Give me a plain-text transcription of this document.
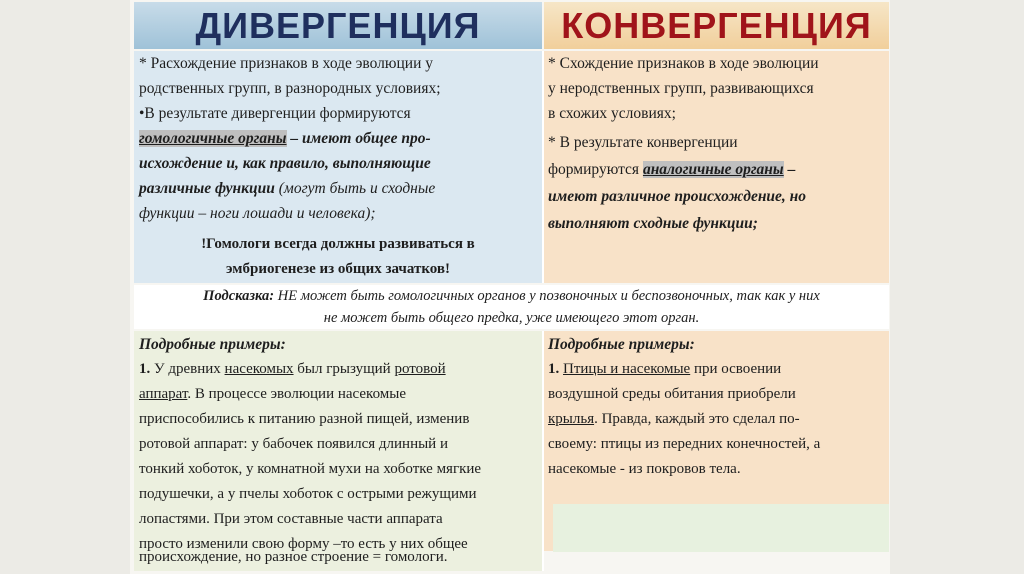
ДИВЕРГЕНЦИЯ	КОНВЕРГЕНЦИЯ
* Расхождение признаков в ходе эволюции у
родственных групп, в разнородных условиях;
•В результате дивергенции формируются
гомологичные органы – имеют общее про-
исхождение и, как правило, выполняющие
различные функции (могут быть и сходные
функции – ноги лошади и человека);
!Гомологи всегда должны развиваться в
эмбриогенезе из общих зачатков!
* Схождение признаков в ходе эволюции
у неродственных групп, развивающихся
в схожих условиях;
* В результате конвергенции
формируются аналогичные органы –
имеют различное происхождение, но
выполняют сходные функции;
Подсказка: НЕ может быть гомологичных органов у позвоночных и беспозвоночных, так как у них
не может быть общего предка, уже имеющего этот орган.
Подробные примеры:
1. У древних насекомых был грызущий ротовой
аппарат. В процессе эволюции насекомые
приспособились к питанию разной пищей, изменив
ротовой аппарат: у бабочек появился длинный и
тонкий хоботок, у комнатной мухи на хоботке мягкие
подушечки, а у пчелы хоботок с острыми режущими
лопастями. При этом составные части аппарата
просто изменили свою форму –то есть у них общее
происхождение, но разное строение = гомологи.
Подробные примеры:
1. Птицы и насекомые при освоении
воздушной среды обитания приобрели
крылья. Правда, каждый это сделал по-
своему: птицы из передних конечностей, а
насекомые - из покровов тела.
